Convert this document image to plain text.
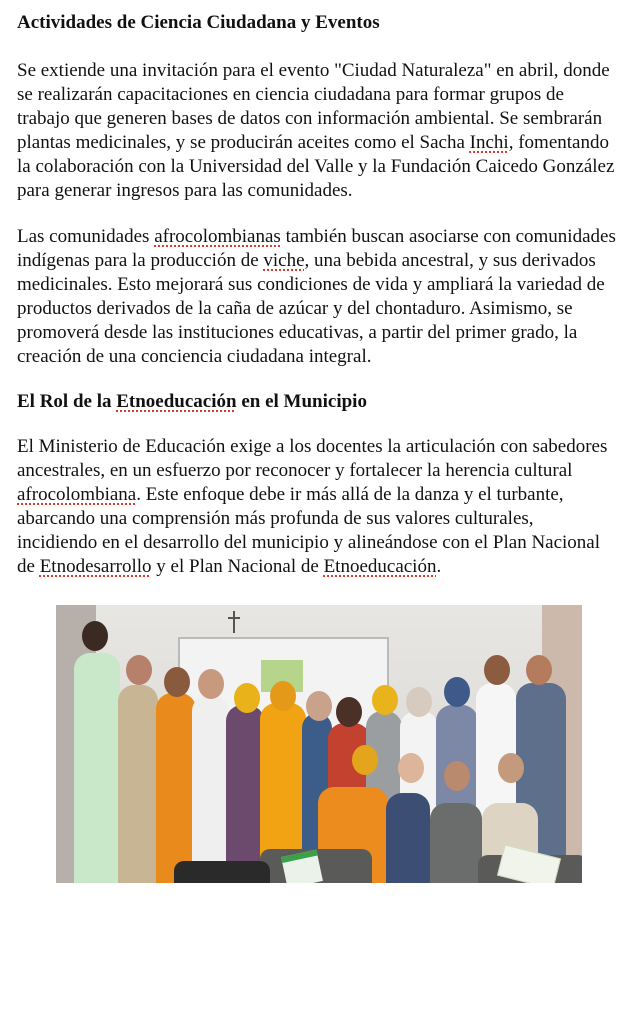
Actividades de Ciencia Ciudadana y Eventos

Se extiende una invitación para el evento "Ciudad Naturaleza" en abril, donde se realizarán capacitaciones en ciencia ciudadana para formar grupos de trabajo que generen bases de datos con información ambiental. Se sembrarán plantas medicinales, y se producirán aceites como el Sacha Inchi, fomentando la colaboración con la Universidad del Valle y la Fundación Caicedo González para generar ingresos para las comunidades.

Las comunidades afrocolombianas también buscan asociarse con comunidades indígenas para la producción de viche, una bebida ancestral, y sus derivados medicinales. Esto mejorará sus condiciones de vida y ampliará la variedad de productos derivados de la caña de azúcar y del chontaduro. Asimismo, se promoverá desde las instituciones educativas, a partir del primer grado, la creación de una conciencia ciudadana integral.

El Rol de la Etnoeducación en el Municipio

El Ministerio de Educación exige a los docentes la articulación con sabedores ancestrales, en un esfuerzo por reconocer y fortalecer la herencia cultural afrocolombiana. Este enfoque debe ir más allá de la danza y el turbante, abarcando una comprensión más profunda de sus valores culturales, incidiendo en el desarrollo del municipio y alineándose con el Plan Nacional de Etnodesarrollo y el Plan Nacional de Etnoeducación.
